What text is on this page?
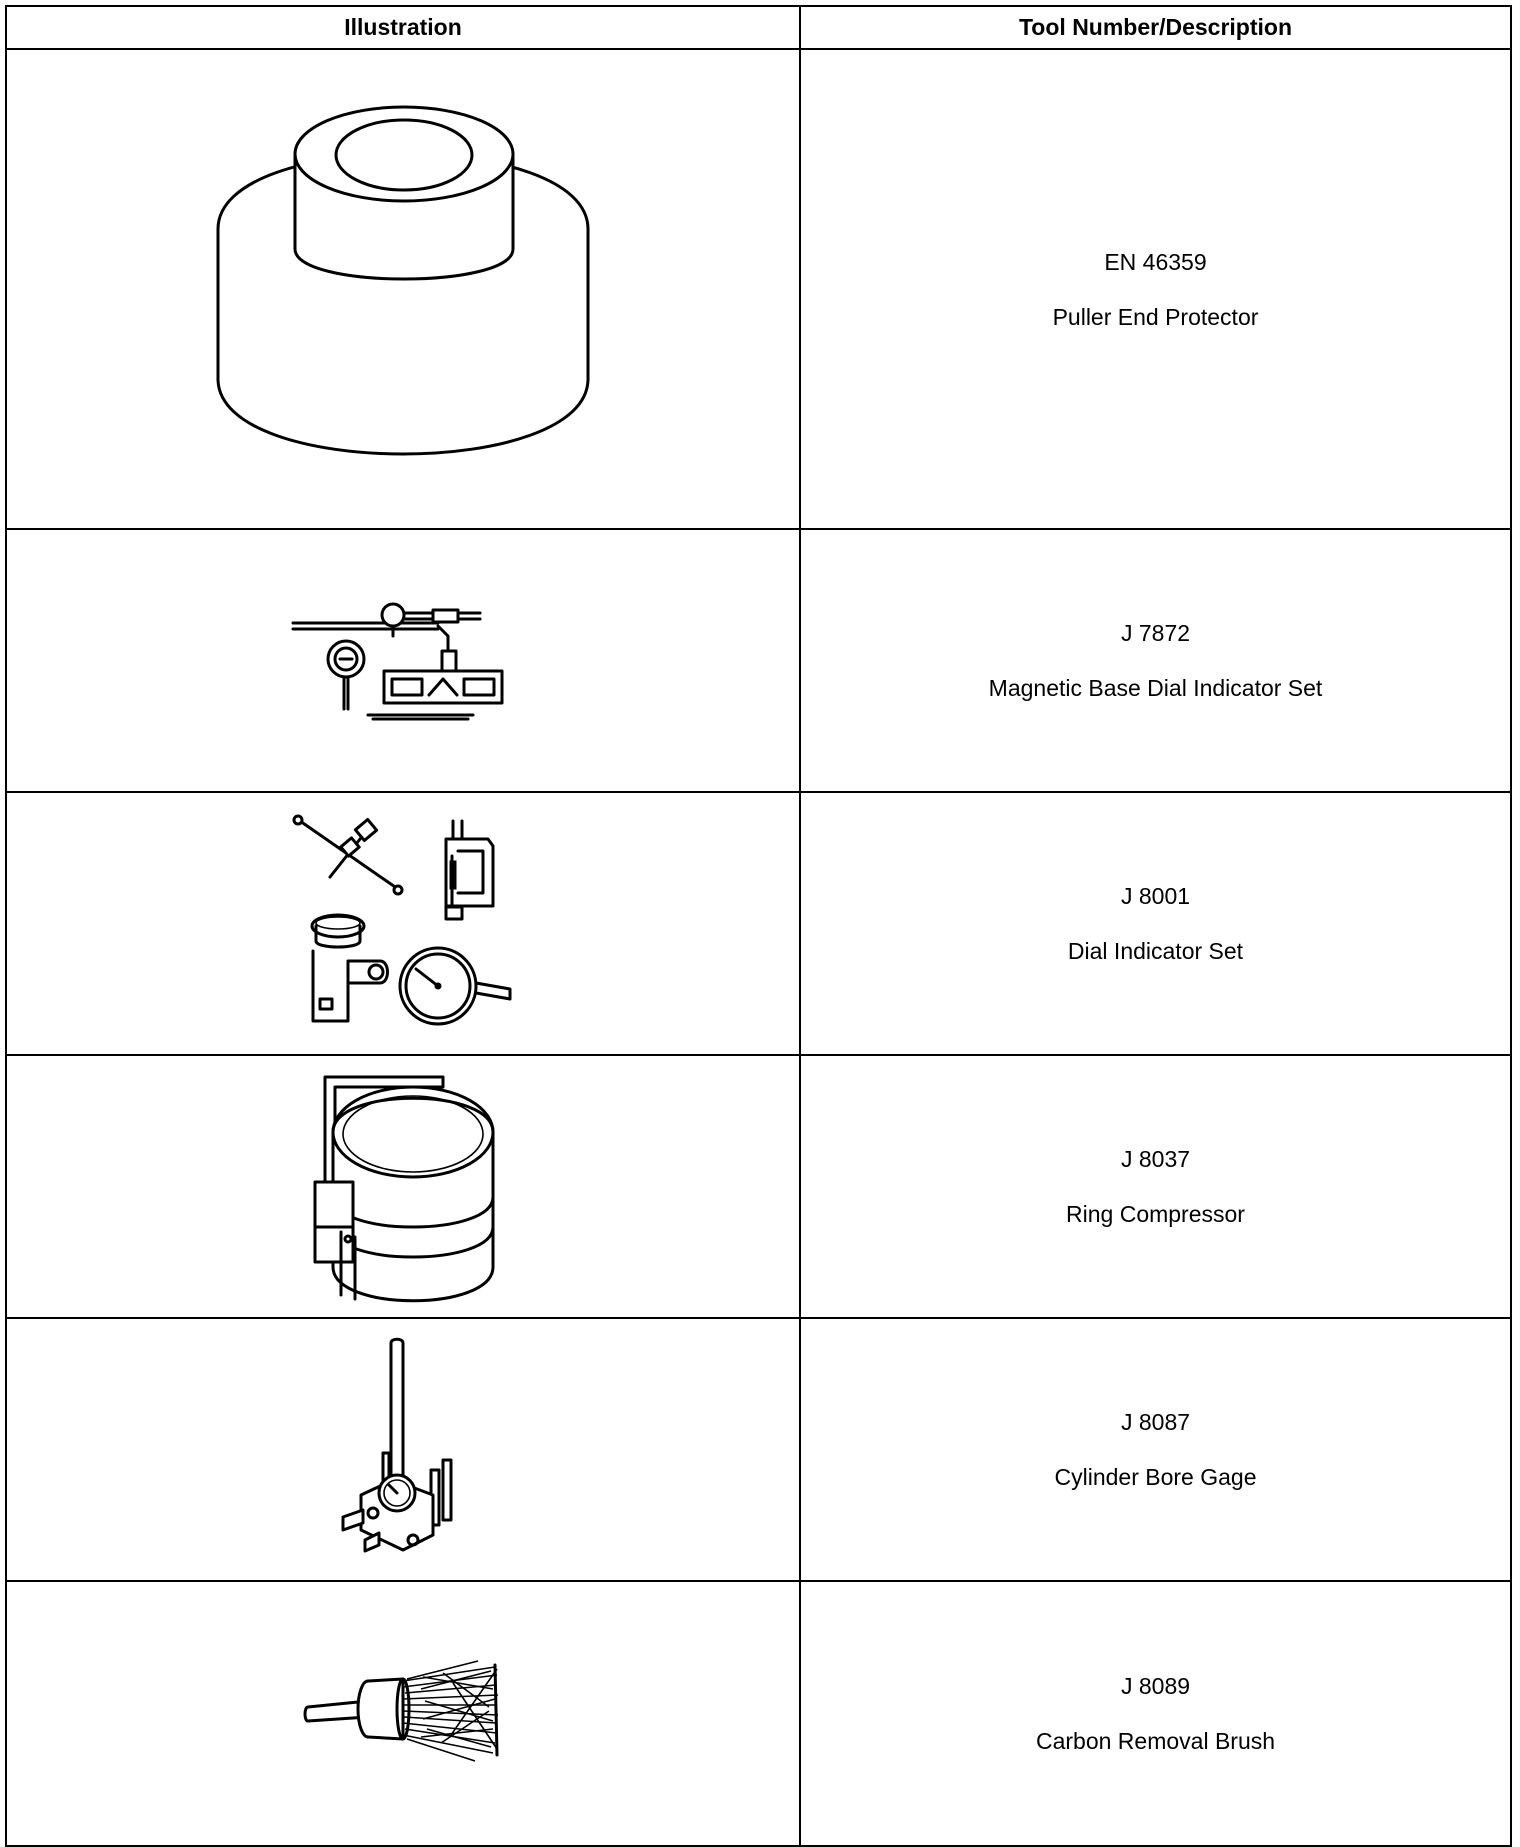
Illustration	Tool Number/Description

EN 46359
Puller End Protector

J 7872
Magnetic Base Dial Indicator Set

J 8001
Dial Indicator Set

J 8037
Ring Compressor

J 8087
Cylinder Bore Gage

J 8089
Carbon Removal Brush
